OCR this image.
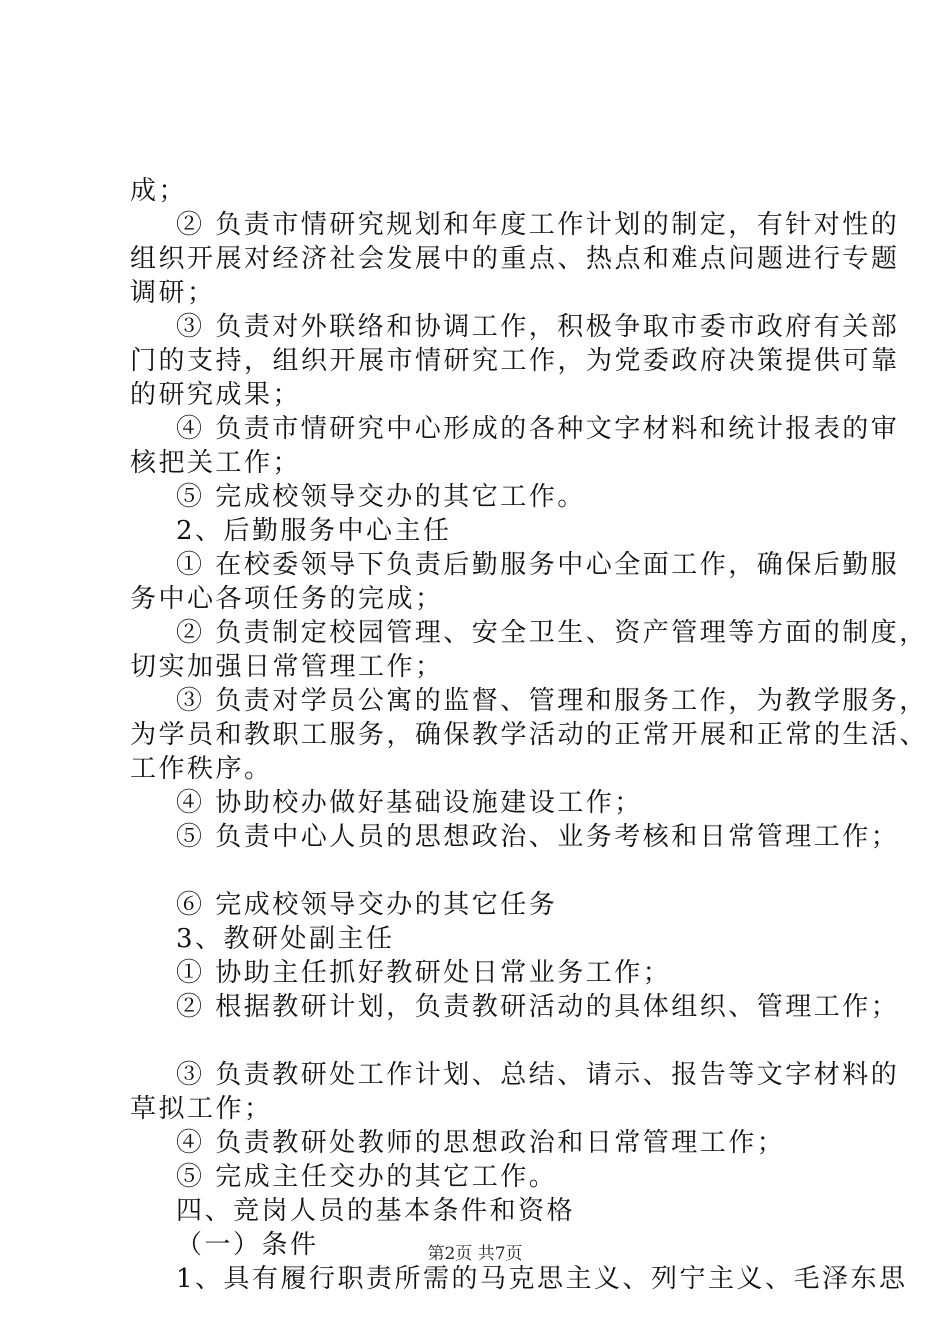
成；
② 负责市情研究规划和年度工作计划的制定，有针对性的
组织开展对经济社会发展中的重点、热点和难点问题进行专题
调研；
③ 负责对外联络和协调工作，积极争取市委市政府有关部
门的支持，组织开展市情研究工作，为党委政府决策提供可靠
的研究成果；
④ 负责市情研究中心形成的各种文字材料和统计报表的审
核把关工作；
⑤ 完成校领导交办的其它工作。
2、后勤服务中心主任
① 在校委领导下负责后勤服务中心全面工作，确保后勤服
务中心各项任务的完成；
② 负责制定校园管理、安全卫生、资产管理等方面的制度，
切实加强日常管理工作；
③ 负责对学员公寓的监督、管理和服务工作，为教学服务，
为学员和教职工服务，确保教学活动的正常开展和正常的生活、
工作秩序。
④ 协助校办做好基础设施建设工作；
⑤ 负责中心人员的思想政治、业务考核和日常管理工作；
⑥ 完成校领导交办的其它任务
3、教研处副主任
① 协助主任抓好教研处日常业务工作；
② 根据教研计划，负责教研活动的具体组织、管理工作；
③ 负责教研处工作计划、总结、请示、报告等文字材料的
草拟工作；
④ 负责教研处教师的思想政治和日常管理工作；
⑤ 完成主任交办的其它工作。
四、竞岗人员的基本条件和资格
（一）条件
1、具有履行职责所需的马克思主义、列宁主义、毛泽东思
第2页 共7页
